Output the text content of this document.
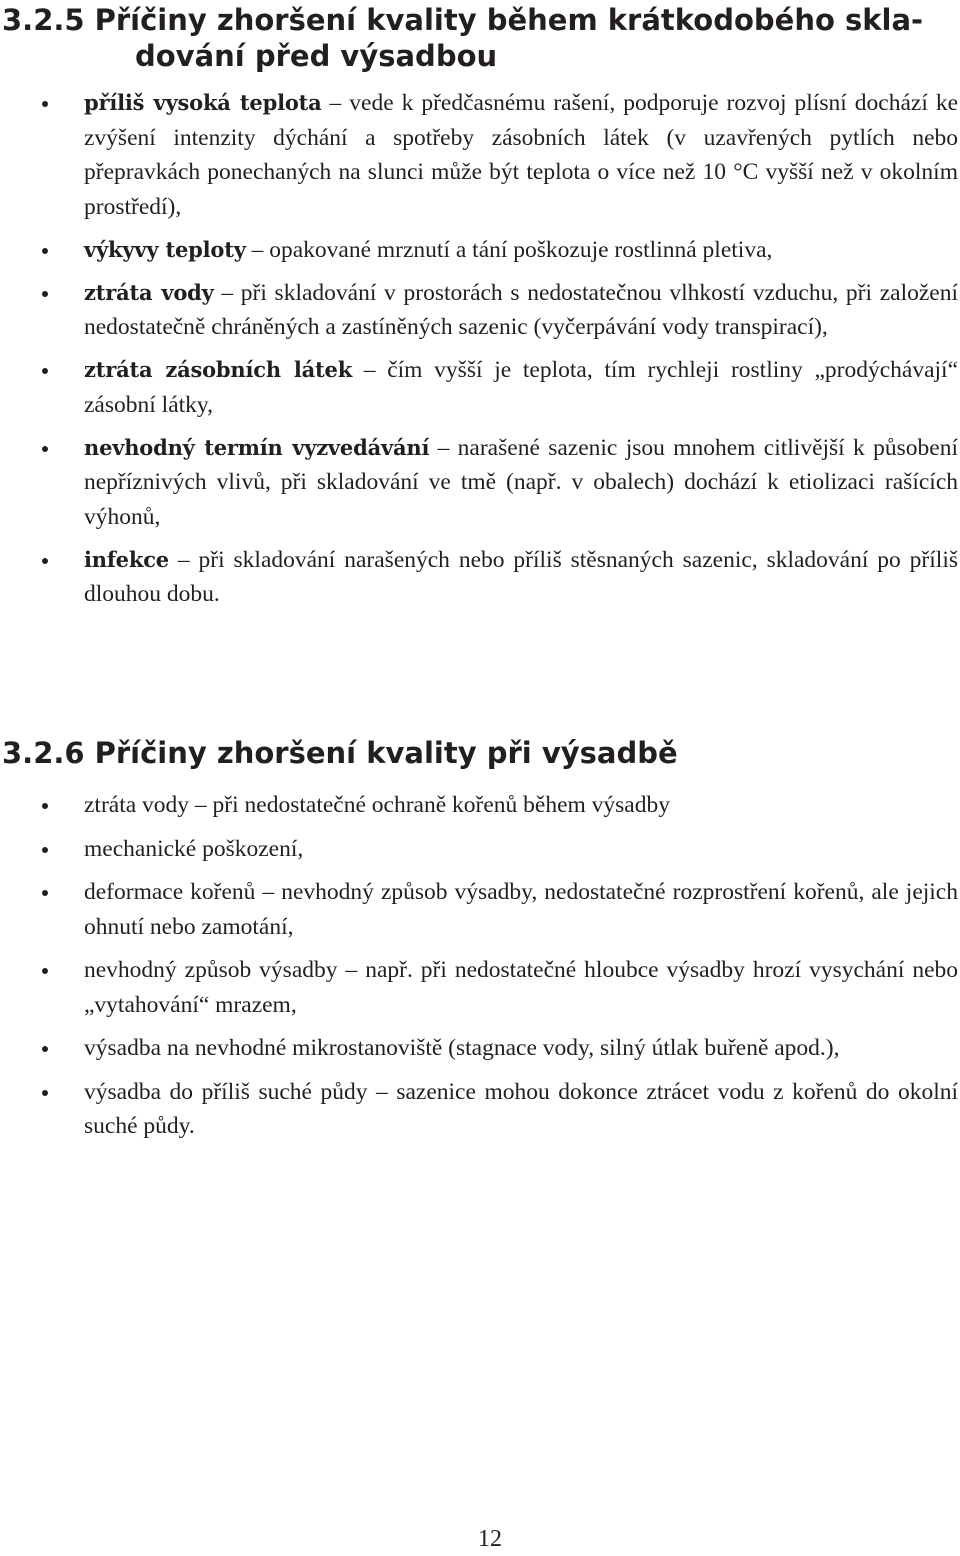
3.2.5 Příčiny zhoršení kvality během krátkodobého skla-
dování před výsadbou
příliš vysoká teplota – vede k předčasnému rašení, podporuje rozvoj plísní dochází ke zvýšení intenzity dýchání a spotřeby zásobních látek (v uzavřených pytlích nebo přepravkách ponechaných na slunci může být teplota o více než 10 °C vyšší než v okolním prostředí),
výkyvy teploty – opakované mrznutí a tání poškozuje rostlinná pletiva,
ztráta vody – při skladování v prostorách s nedostatečnou vlhkostí vzduchu, při založení nedostatečně chráněných a zastíněných sazenic (vyčerpávání vody transpirací),
ztráta zásobních látek – čím vyšší je teplota, tím rychleji rostliny „prodýchávají“ zásobní látky,
nevhodný termín vyzvedávání – narašené sazenic jsou mnohem citlivější k působení nepříznivých vlivů, při skladování ve tmě (např. v obalech) dochází k etiolizaci rašících výhonů,
infekce – při skladování narašených nebo příliš stěsnaných sazenic, skladování po příliš dlouhou dobu.
3.2.6 Příčiny zhoršení kvality při výsadbě
ztráta vody – při nedostatečné ochraně kořenů během výsadby
mechanické poškození,
deformace kořenů – nevhodný způsob výsadby, nedostatečné rozprostření kořenů, ale jejich ohnutí nebo zamotání,
nevhodný způsob výsadby – např. při nedostatečné hloubce výsadby hrozí vysychání nebo „vytahování“ mrazem,
výsadba na nevhodné mikrostanoviště (stagnace vody, silný útlak buřeně apod.),
výsadba do příliš suché půdy – sazenice mohou dokonce ztrácet vodu z kořenů do okolní suché půdy.
12
